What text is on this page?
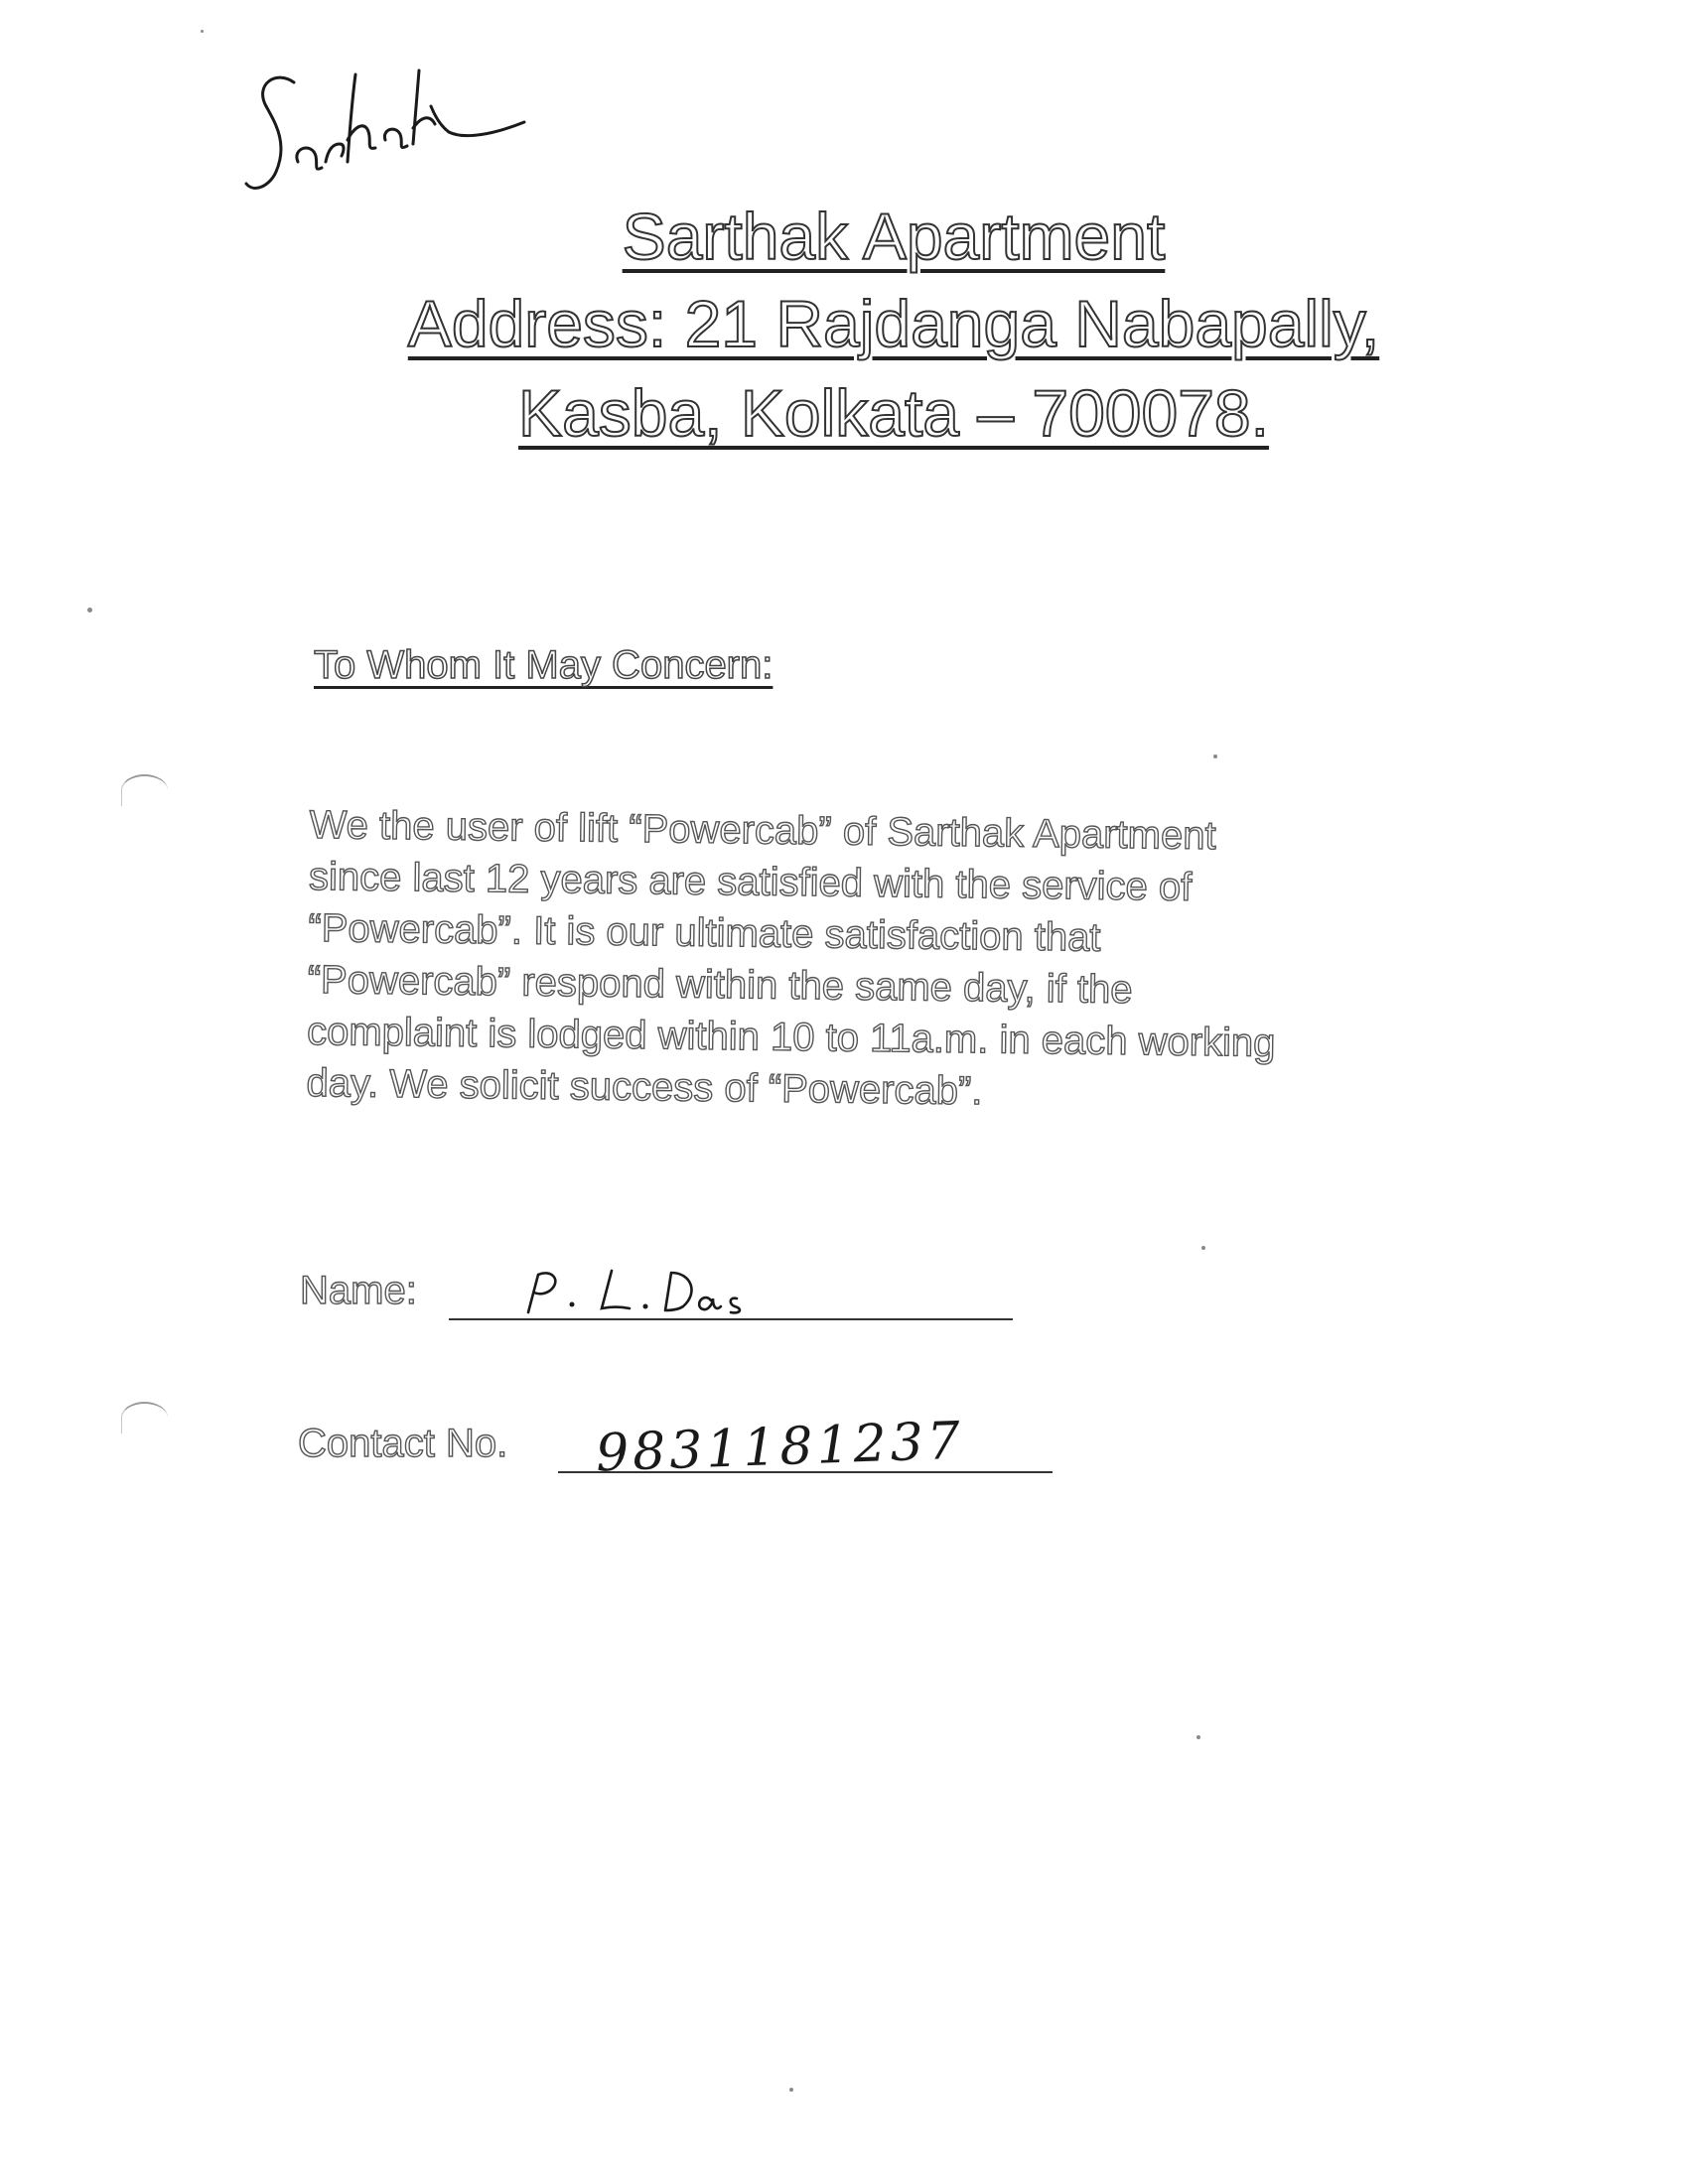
Sarthak Apartment
Address: 21 Rajdanga Nabapally,
Kasba, Kolkata – 700078.
To Whom It May Concern:
We the user of lift “Powercab” of Sarthak Apartment
since last 12 years are satisfied with the service of
“Powercab”. It is our ultimate satisfaction that
“Powercab” respond within the same day, if the
complaint is lodged within 10 to 11a.m. in each working
day. We solicit success of “Powercab”.
Name:
Contact No. 9831181237
